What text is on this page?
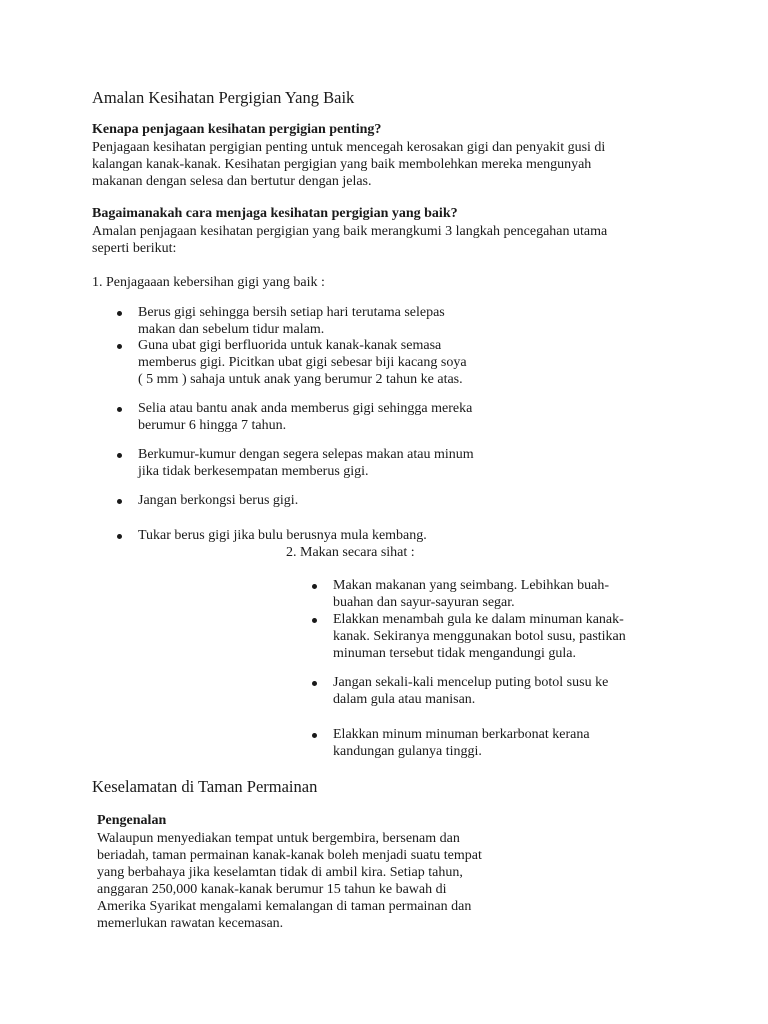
Amalan Kesihatan Pergigian Yang Baik
Kenapa penjagaan kesihatan pergigian penting?
Penjagaan kesihatan pergigian penting untuk mencegah kerosakan gigi dan penyakit gusi di
kalangan kanak-kanak. Kesihatan pergigian yang baik membolehkan mereka mengunyah
makanan dengan selesa dan bertutur dengan jelas.
Bagaimanakah cara menjaga kesihatan pergigian yang baik?
Amalan penjagaan kesihatan pergigian yang baik merangkumi 3 langkah pencegahan utama
seperti berikut:
1. Penjagaaan kebersihan gigi yang baik :
Berus gigi sehingga bersih setiap hari terutama selepas
makan dan sebelum tidur malam.
Guna ubat gigi berfluorida untuk kanak-kanak semasa
memberus gigi. Picitkan ubat gigi sebesar biji kacang soya
( 5 mm ) sahaja untuk anak yang berumur 2 tahun ke atas.
Selia atau bantu anak anda memberus gigi sehingga mereka
berumur 6 hingga 7 tahun.
Berkumur-kumur dengan segera selepas makan atau minum
jika tidak berkesempatan memberus gigi.
Jangan berkongsi berus gigi.
Tukar berus gigi jika bulu berusnya mula kembang.
2. Makan secara sihat :
Makan makanan yang seimbang. Lebihkan buah-
buahan dan sayur-sayuran segar.
Elakkan menambah gula ke dalam minuman kanak-
kanak. Sekiranya menggunakan botol susu, pastikan
minuman tersebut tidak mengandungi gula.
Jangan sekali-kali mencelup puting botol susu ke
dalam gula atau manisan.
Elakkan minum minuman berkarbonat kerana
kandungan gulanya tinggi.
Keselamatan di Taman Permainan
Pengenalan
Walaupun menyediakan tempat untuk bergembira, bersenam dan
beriadah, taman permainan kanak-kanak boleh menjadi suatu tempat
yang berbahaya jika keselamtan tidak di ambil kira. Setiap tahun,
anggaran 250,000 kanak-kanak berumur 15 tahun ke bawah di
Amerika Syarikat mengalami kemalangan di taman permainan dan
memerlukan rawatan kecemasan.
